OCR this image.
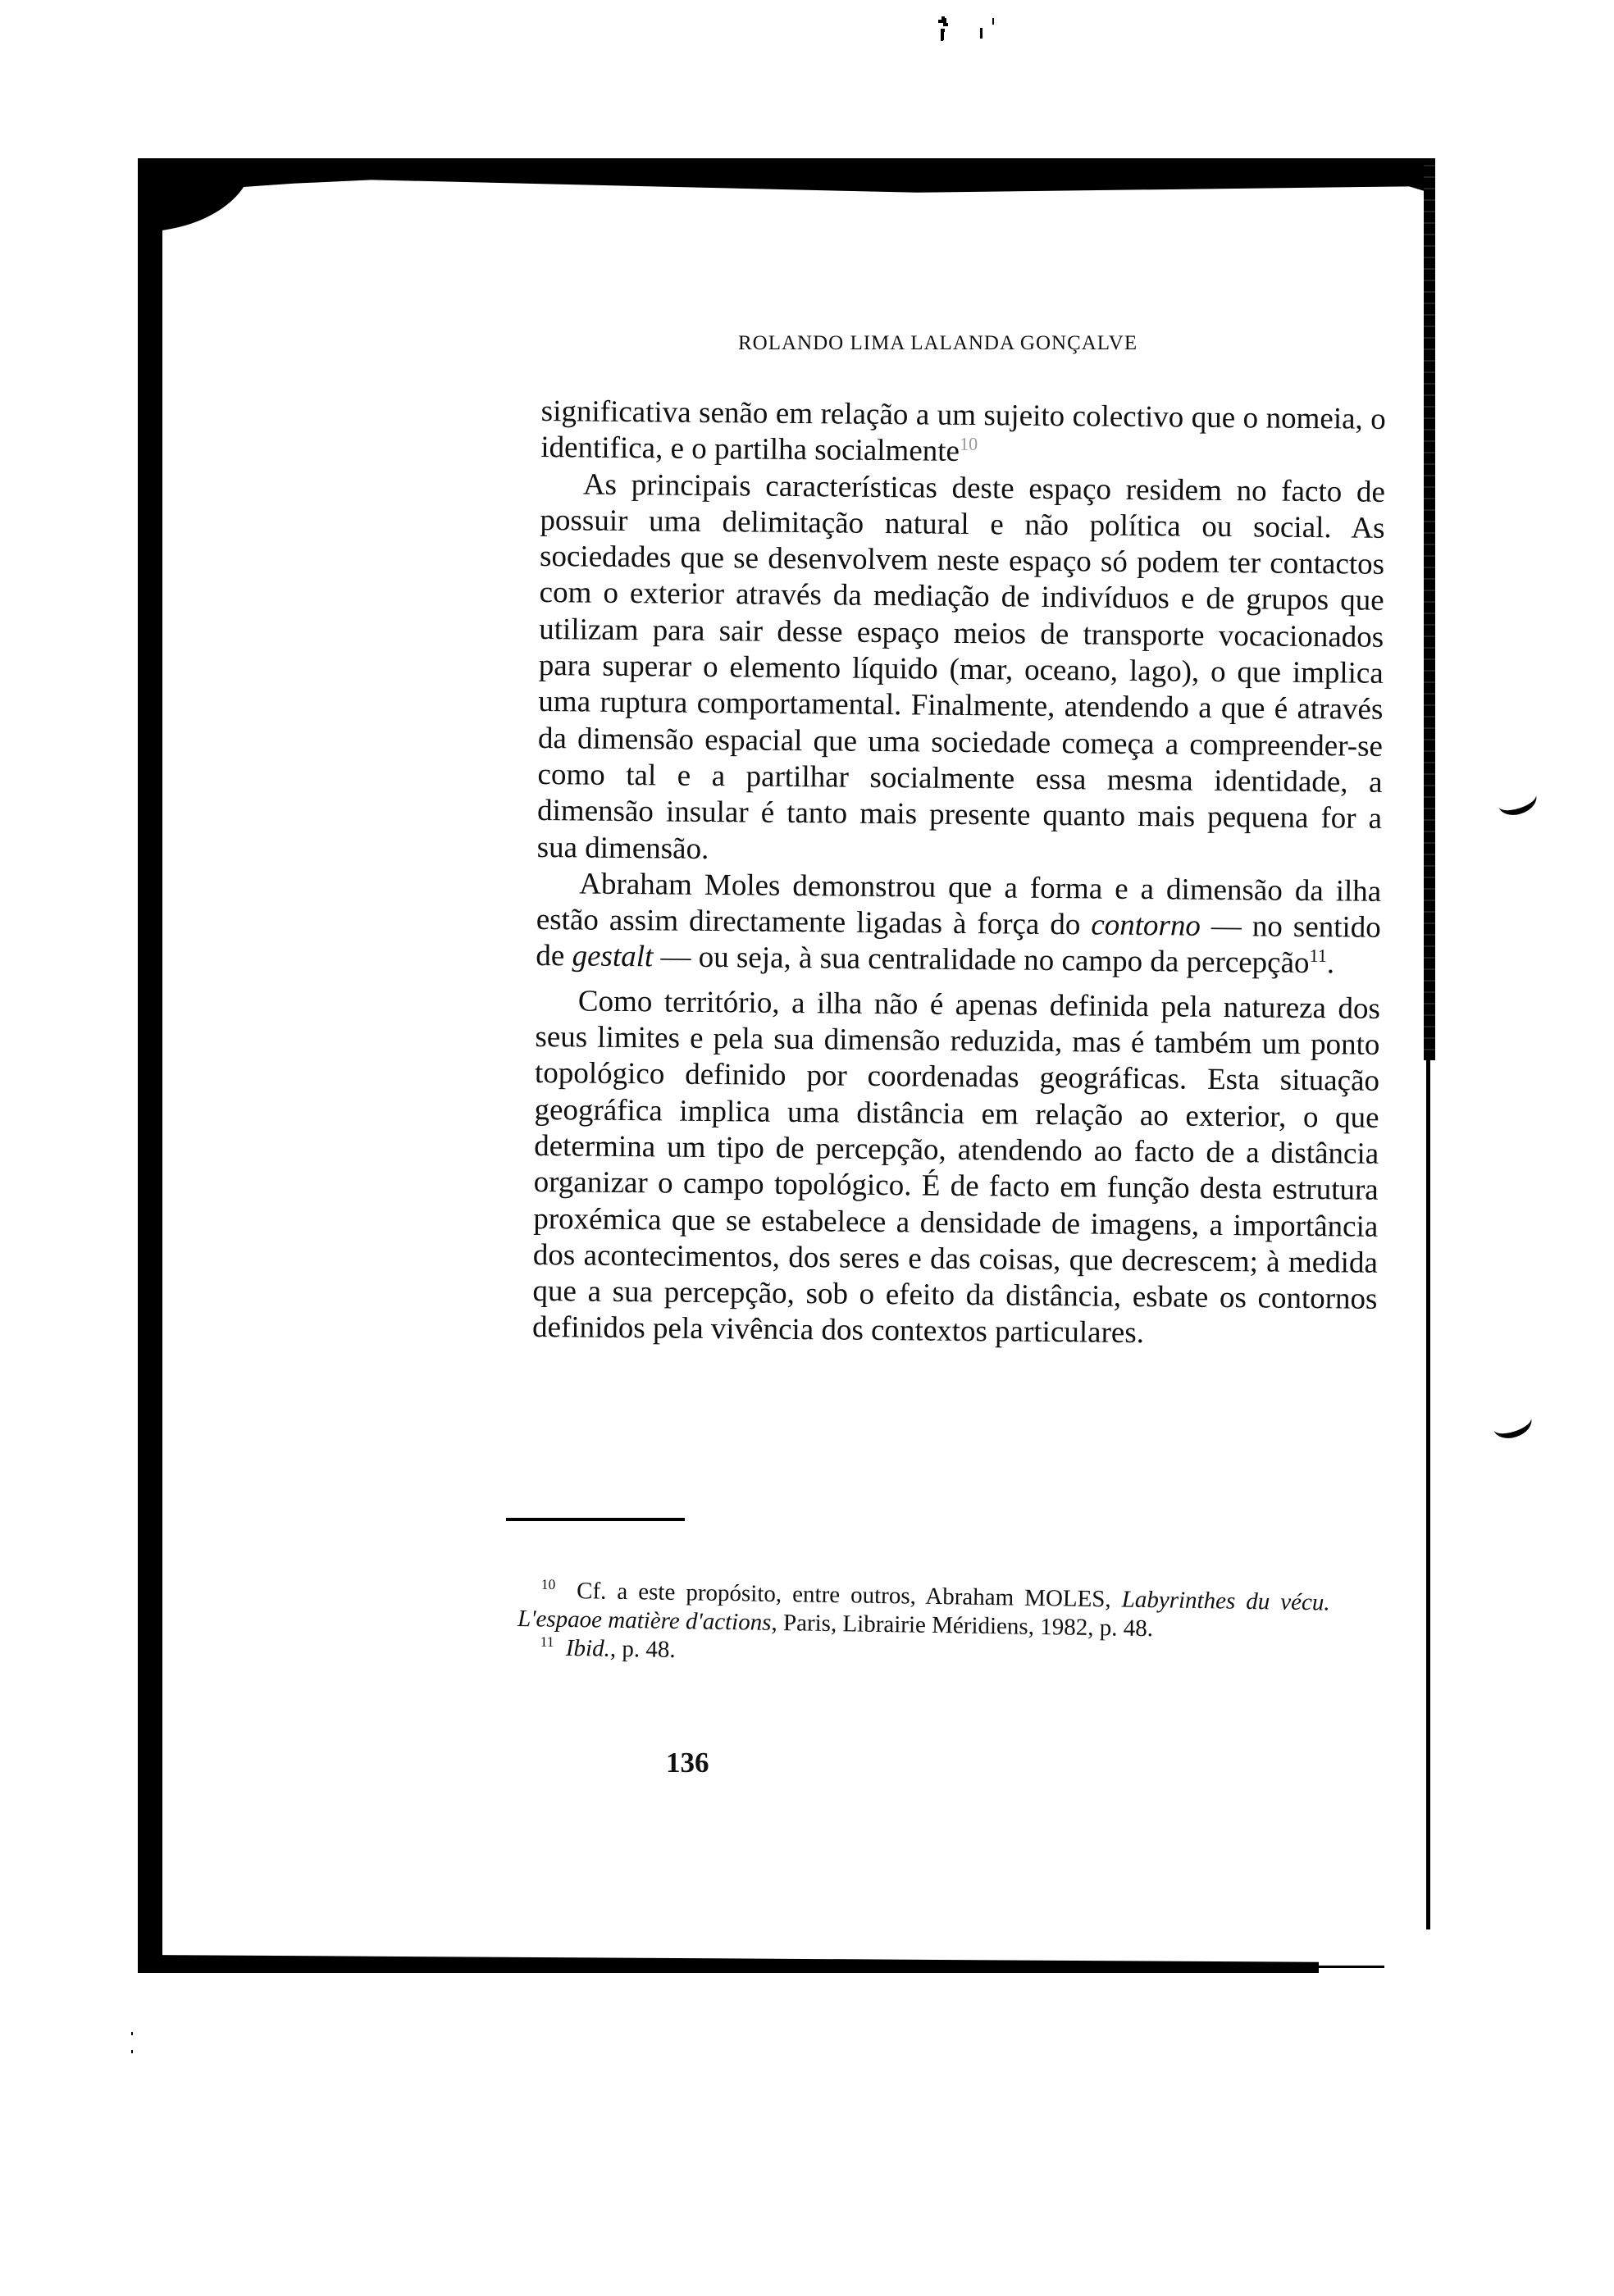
ROLANDO LIMA LALANDA GONÇALVE

significativa senão em relação a um sujeito colectivo que o nomeia, o identifica, e o partilha socialmente$^{10}$

As principais características deste espaço residem no facto de possuir uma delimitação natural e não política ou social. As sociedades que se desenvolvem neste espaço só podem ter contactos com o exterior através da mediação de indivíduos e de grupos que utilizam para sair desse espaço meios de transporte vocacionados para superar o elemento líquido (mar, oceano, lago), o que implica uma ruptura comportamental. Finalmente, atendendo a que é através da dimensão espacial que uma sociedade começa a compreender-se como tal e a partilhar socialmente essa mesma identidade, a dimensão insular é tanto mais presente quanto mais pequena for a sua dimensão.

Abraham Moles demonstrou que a forma e a dimensão da ilha estão assim directamente ligadas à força do contorno — no sentido de gestalt — ou seja, à sua centralidade no campo da percepção$^{11}$.

Como território, a ilha não é apenas definida pela natureza dos seus limites e pela sua dimensão reduzida, mas é também um ponto topológico definido por coordenadas geográficas. Esta situação geográfica implica uma distância em relação ao exterior, o que determina um tipo de percepção, atendendo ao facto de a distância organizar o campo topológico. É de facto em função desta estrutura proxémica que se estabelece a densidade de imagens, a importância dos acontecimentos, dos seres e das coisas, que decrescem; à medida que a sua percepção, sob o efeito da distância, esbate os contornos definidos pela vivência dos contextos particulares.

$^{10}$ Cf. a este propósito, entre outros, Abraham MOLES, Labyrinthes du vécu. L'espaoe matière d'actions, Paris, Librairie Méridiens, 1982, p. 48.

$^{11}$ Ibid., p. 48.

136
